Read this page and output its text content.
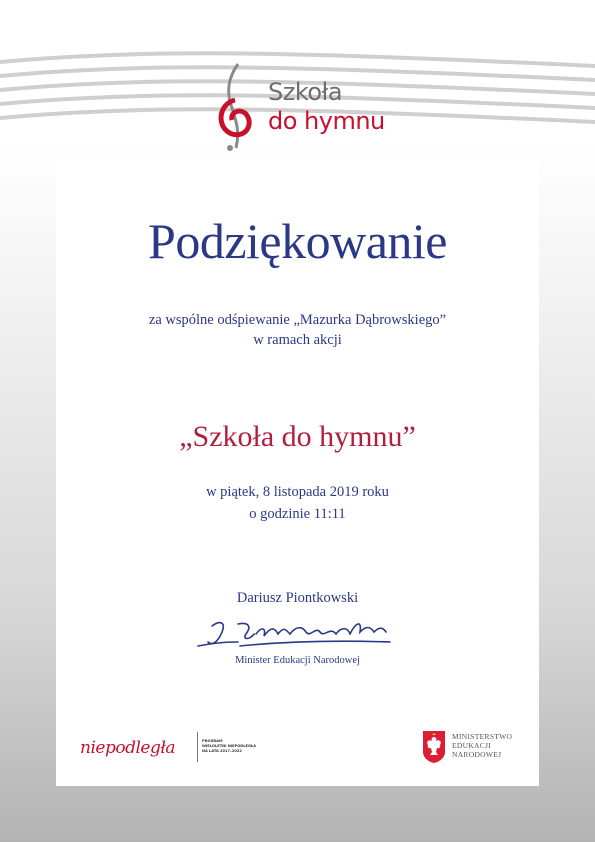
Szkoła
do hymnu
Podziękowanie
za wspólne odśpiewanie „Mazurka Dąbrowskiego”
w ramach akcji
„Szkoła do hymnu”
w piątek, 8 listopada 2019 roku
o godzinie 11:11
Dariusz Piontkowski
Minister Edukacji Narodowej
niepodległa	PROGRAM
WIELOLETNI NIEPODLEGŁA
NA LATA 2017–2022
MINISTERSTWO
EDUKACJI
NARODOWEJ
